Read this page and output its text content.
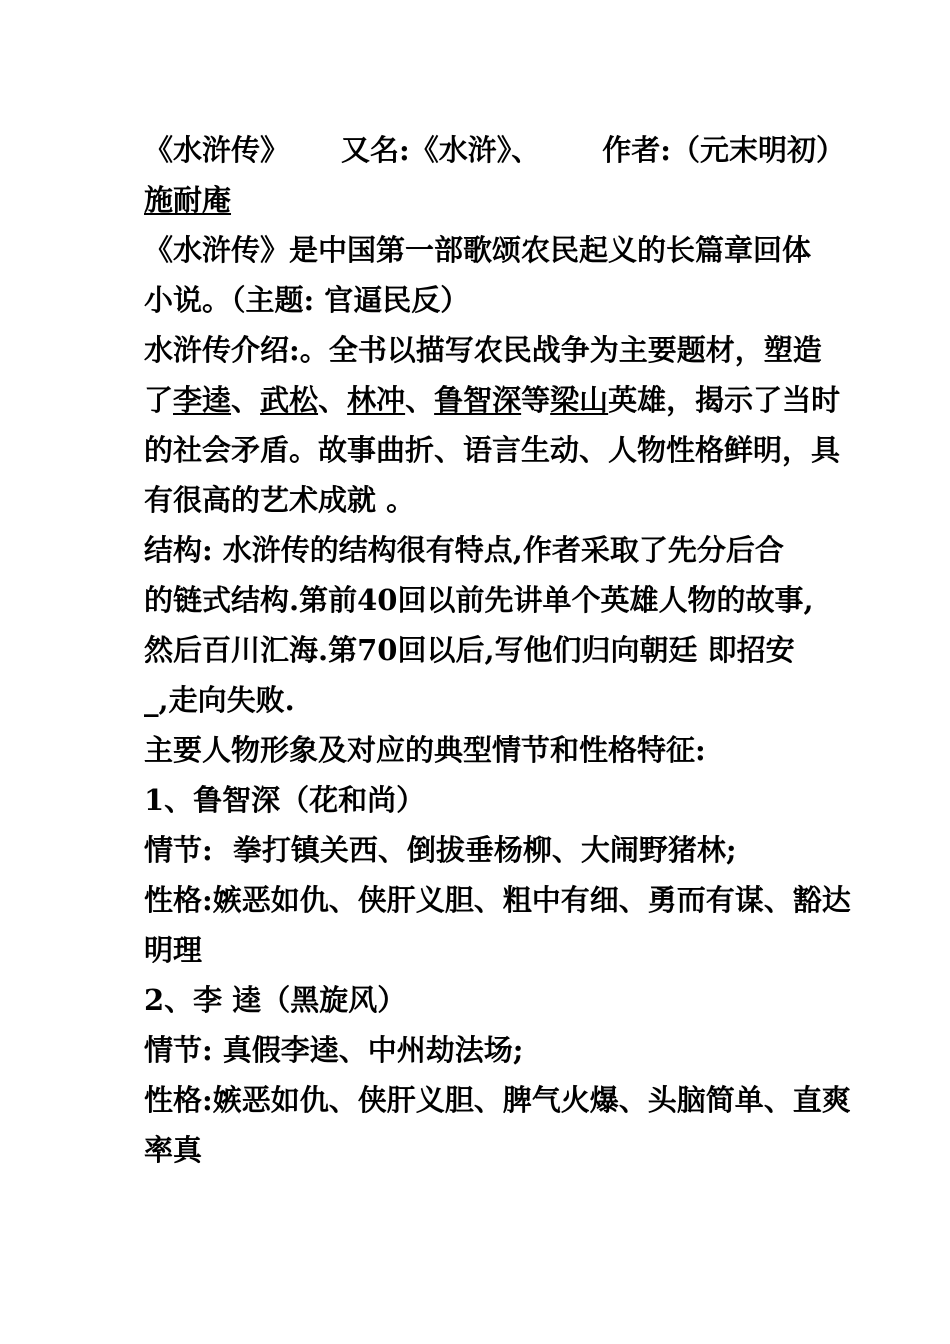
《水浒传》 又名:《水浒》、 作者:（元末明初）
施耐庵
《水浒传》是中国第一部歌颂农民起义的长篇章回体
小说。（主题: 官逼民反）
水浒传介绍:。全书以描写农民战争为主要题材，塑造
了李逵、武松、林冲、鲁智深等梁山英雄，揭示了当时
的社会矛盾。故事曲折、语言生动、人物性格鲜明，具
有很高的艺术成就 。
结构: 水浒传的结构很有特点,作者采取了先分后合
的链式结构.第前40回以前先讲单个英雄人物的故事,
然后百川汇海.第70回以后,写他们归向朝廷 即招安
_,走向失败.
主要人物形象及对应的典型情节和性格特征:
1、鲁智深（花和尚）
情节:  拳打镇关西、倒拔垂杨柳、大闹野猪林;
性格:嫉恶如仇、侠肝义胆、粗中有细、勇而有谋、豁达
明理
2、李 逵（黑旋风）
情节: 真假李逵、中州劫法场;
性格:嫉恶如仇、侠肝义胆、脾气火爆、头脑简单、直爽
率真
